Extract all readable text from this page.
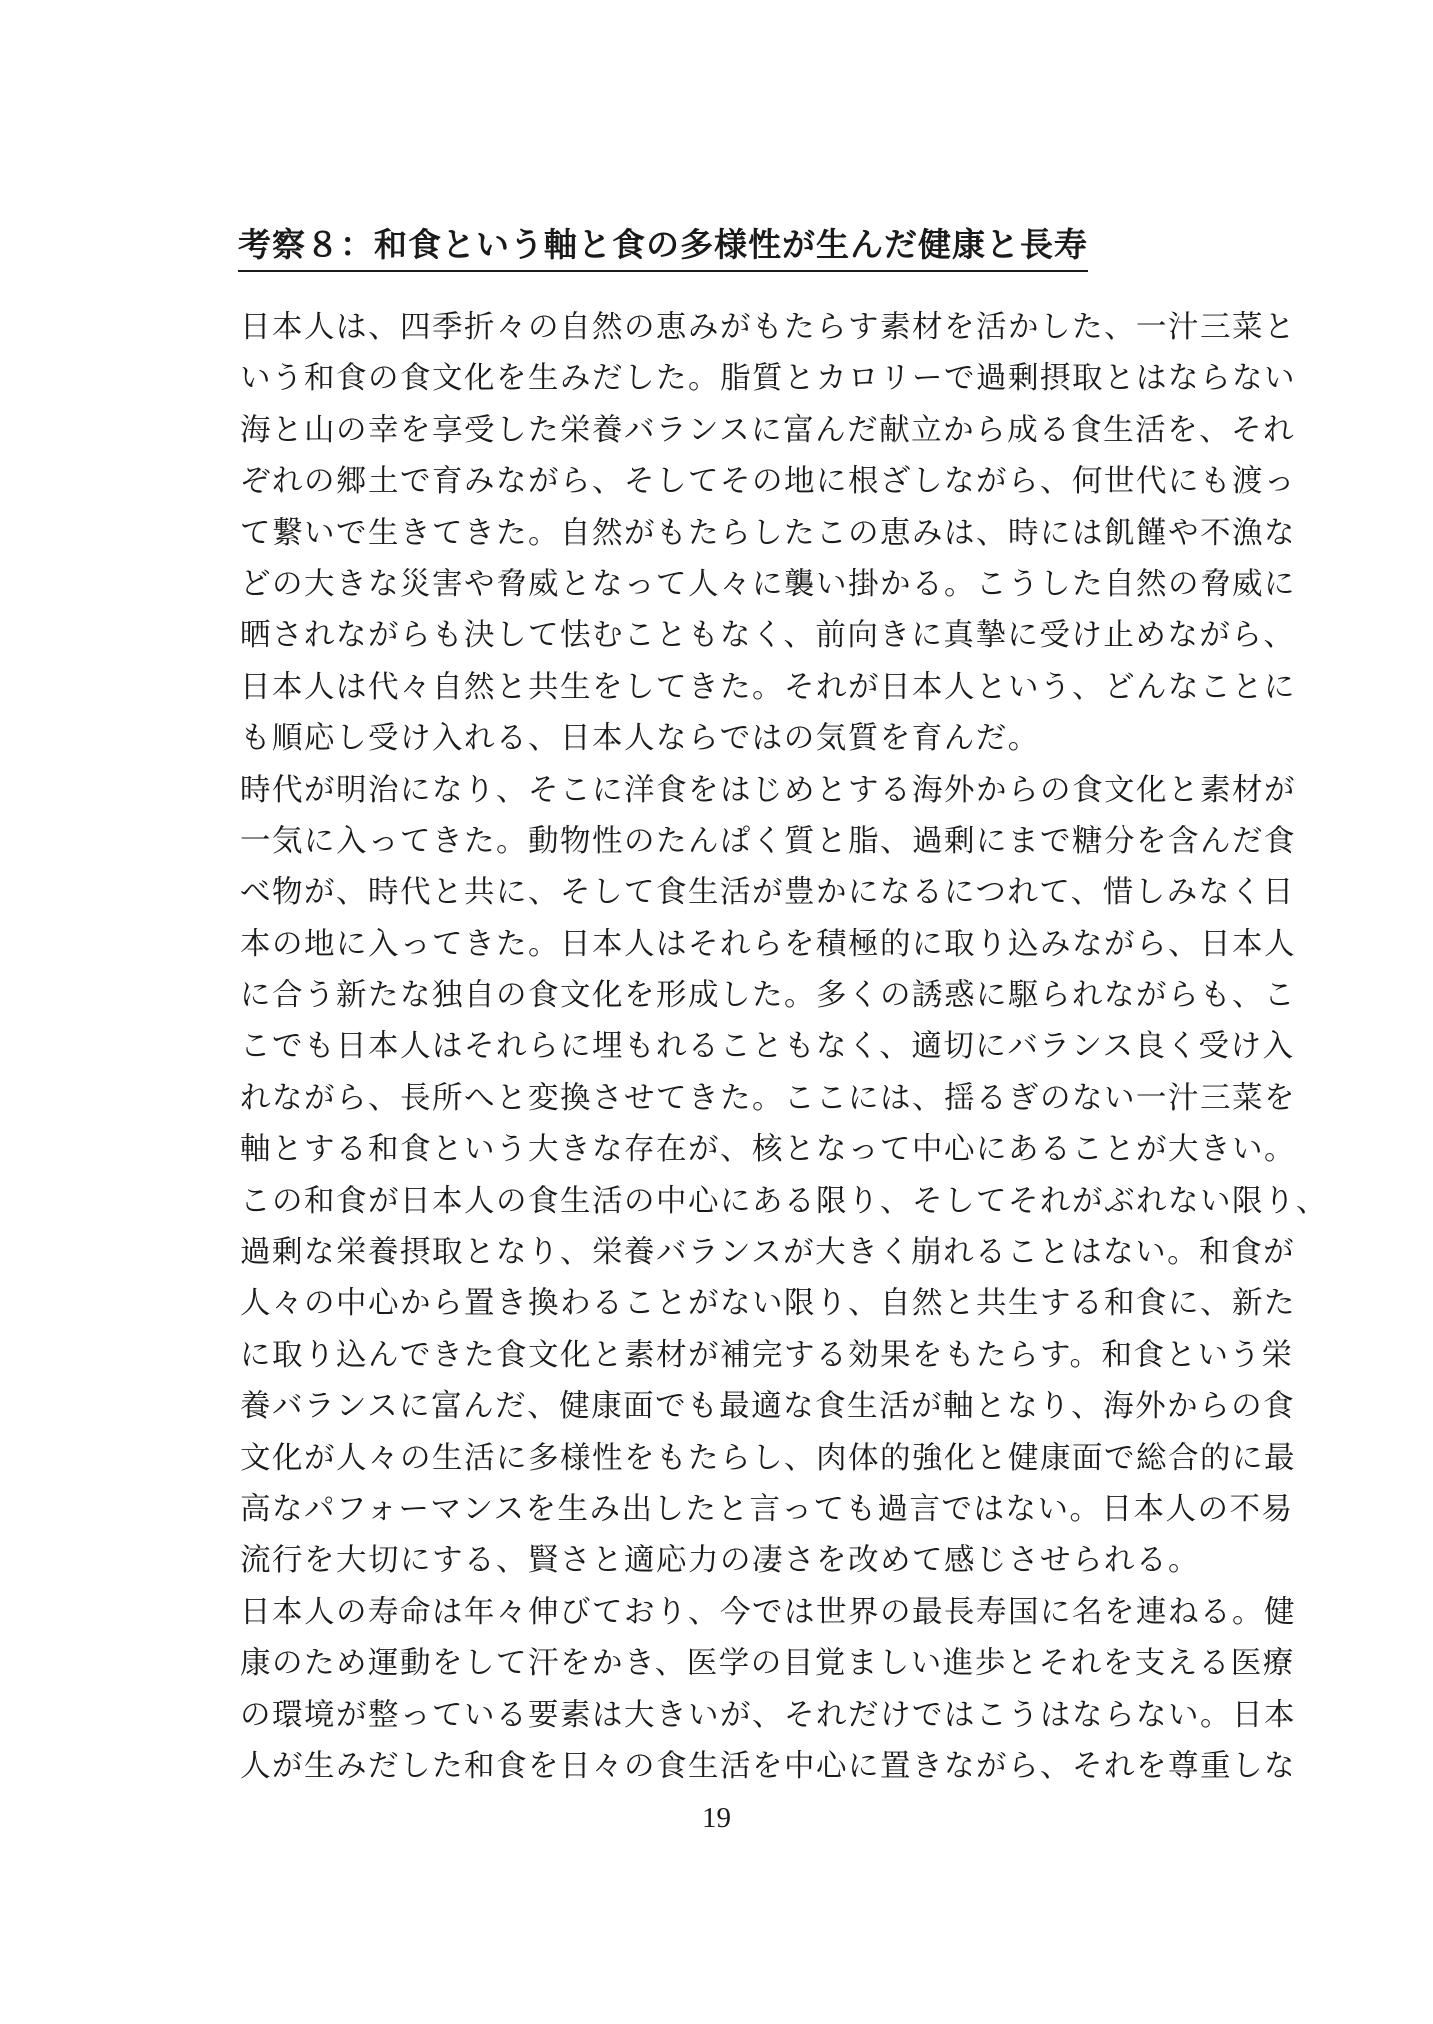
考察８：和食という軸と食の多様性が生んだ健康と長寿
日本人は、四季折々の自然の恵みがもたらす素材を活かした、一汁三菜と
いう和食の食文化を生みだした。脂質とカロリーで過剰摂取とはならない
海と山の幸を享受した栄養バランスに富んだ献立から成る食生活を、それ
ぞれの郷土で育みながら、そしてその地に根ざしながら、何世代にも渡っ
て繋いで生きてきた。自然がもたらしたこの恵みは、時には飢饉や不漁な
どの大きな災害や脅威となって人々に襲い掛かる。こうした自然の脅威に
晒されながらも決して怯むこともなく、前向きに真摯に受け止めながら、
日本人は代々自然と共生をしてきた。それが日本人という、どんなことに
も順応し受け入れる、日本人ならではの気質を育んだ。
時代が明治になり、そこに洋食をはじめとする海外からの食文化と素材が
一気に入ってきた。動物性のたんぱく質と脂、過剰にまで糖分を含んだ食
べ物が、時代と共に、そして食生活が豊かになるにつれて、惜しみなく日
本の地に入ってきた。日本人はそれらを積極的に取り込みながら、日本人
に合う新たな独自の食文化を形成した。多くの誘惑に駆られながらも、こ
こでも日本人はそれらに埋もれることもなく、適切にバランス良く受け入
れながら、長所へと変換させてきた。ここには、揺るぎのない一汁三菜を
軸とする和食という大きな存在が、核となって中心にあることが大きい。
この和食が日本人の食生活の中心にある限り、そしてそれがぶれない限り、
過剰な栄養摂取となり、栄養バランスが大きく崩れることはない。和食が
人々の中心から置き換わることがない限り、自然と共生する和食に、新た
に取り込んできた食文化と素材が補完する効果をもたらす。和食という栄
養バランスに富んだ、健康面でも最適な食生活が軸となり、海外からの食
文化が人々の生活に多様性をもたらし、肉体的強化と健康面で総合的に最
高なパフォーマンスを生み出したと言っても過言ではない。日本人の不易
流行を大切にする、賢さと適応力の凄さを改めて感じさせられる。
日本人の寿命は年々伸びており、今では世界の最長寿国に名を連ねる。健
康のため運動をして汗をかき、医学の目覚ましい進歩とそれを支える医療
の環境が整っている要素は大きいが、それだけではこうはならない。日本
人が生みだした和食を日々の食生活を中心に置きながら、それを尊重しな
19
